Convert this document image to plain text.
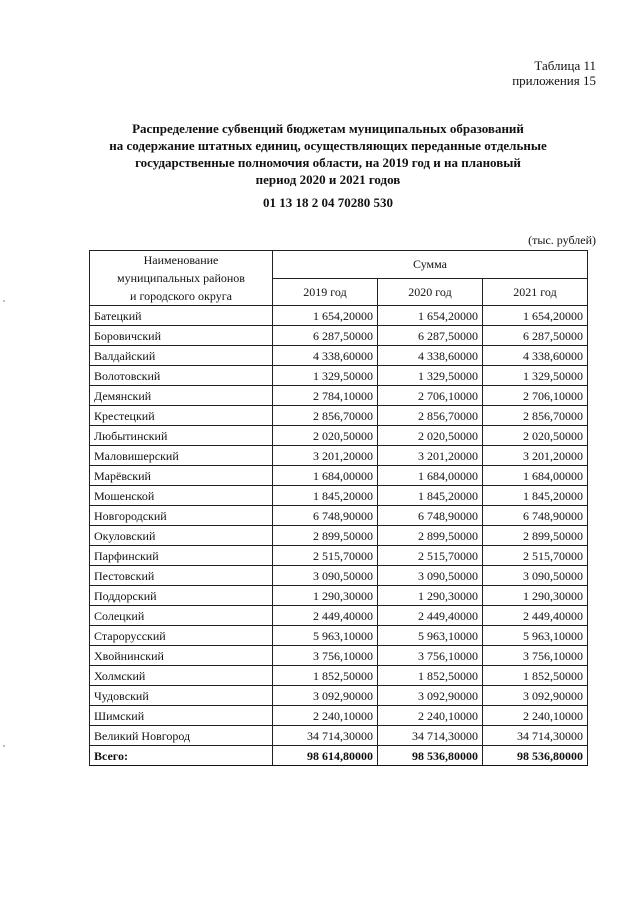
Таблица 11
приложения 15
Распределение субвенций бюджетам муниципальных образований
на содержание штатных единиц, осуществляющих переданные отдельные
государственные полномочия области, на 2019 год и на плановый
период 2020 и 2021 годов
01 13 18 2 04 70280 530
(тыс. рублей)
Наименование
муниципальных районов
и городского округа	Сумма		
	2019 год	2020 год	2021 год
Батецкий	1 654,20000	1 654,20000	1 654,20000
Боровичский	6 287,50000	6 287,50000	6 287,50000
Валдайский	4 338,60000	4 338,60000	4 338,60000
Волотовский	1 329,50000	1 329,50000	1 329,50000
Демянский	2 784,10000	2 706,10000	2 706,10000
Крестецкий	2 856,70000	2 856,70000	2 856,70000
Любытинский	2 020,50000	2 020,50000	2 020,50000
Маловишерский	3 201,20000	3 201,20000	3 201,20000
Марёвский	1 684,00000	1 684,00000	1 684,00000
Мошенской	1 845,20000	1 845,20000	1 845,20000
Новгородский	6 748,90000	6 748,90000	6 748,90000
Окуловский	2 899,50000	2 899,50000	2 899,50000
Парфинский	2 515,70000	2 515,70000	2 515,70000
Пестовский	3 090,50000	3 090,50000	3 090,50000
Поддорский	1 290,30000	1 290,30000	1 290,30000
Солецкий	2 449,40000	2 449,40000	2 449,40000
Старорусский	5 963,10000	5 963,10000	5 963,10000
Хвойнинский	3 756,10000	3 756,10000	3 756,10000
Холмский	1 852,50000	1 852,50000	1 852,50000
Чудовский	3 092,90000	3 092,90000	3 092,90000
Шимский	2 240,10000	2 240,10000	2 240,10000
Великий Новгород	34 714,30000	34 714,30000	34 714,30000
Всего:	98 614,80000	98 536,80000	98 536,80000
